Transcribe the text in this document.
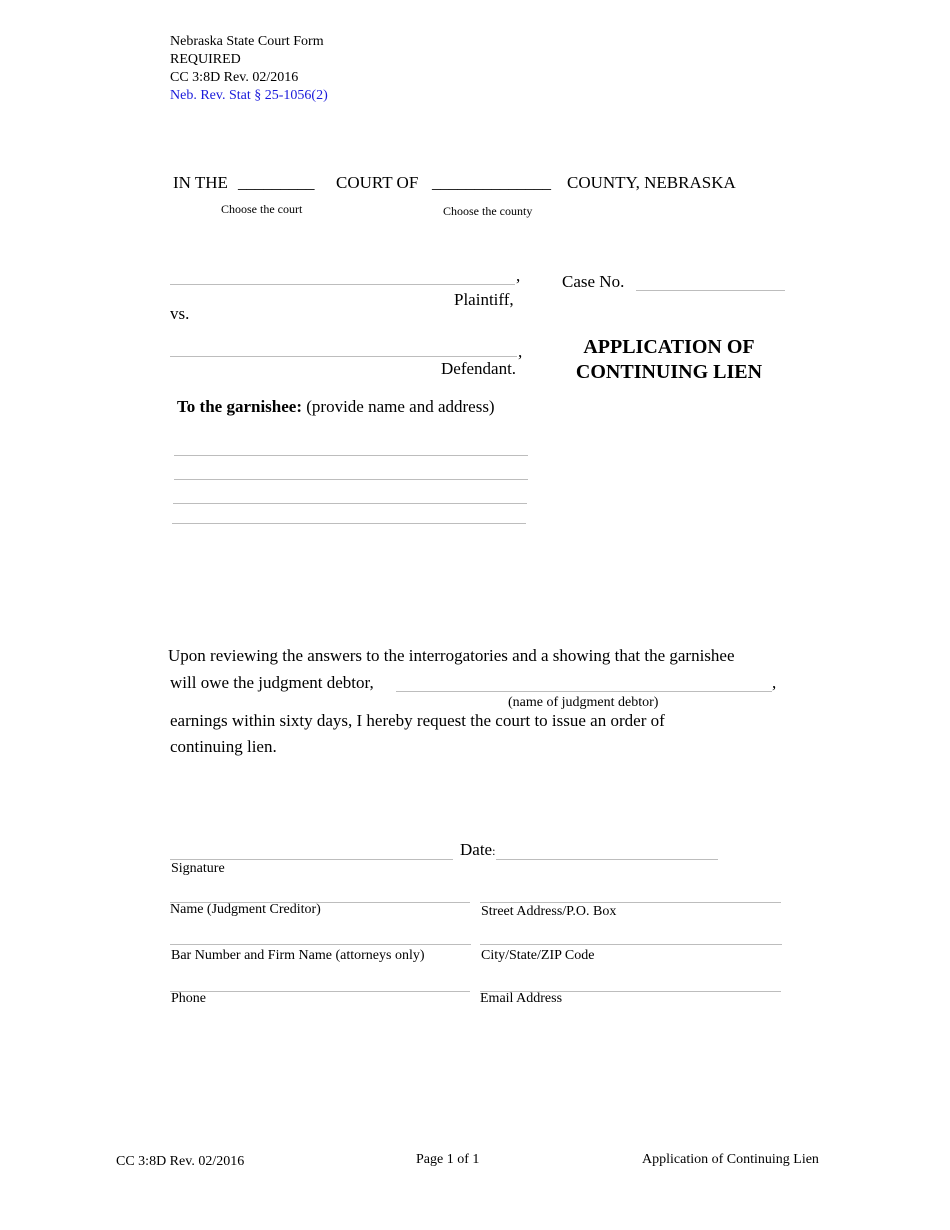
Nebraska State Court Form
REQUIRED
CC 3:8D Rev. 02/2016
Neb. Rev. Stat § 25-1056(2)
IN THE _________ COURT OF ______________ COUNTY, NEBRASKA
Choose the court	Choose the county
,
Plaintiff,
vs.
,
Defendant.
Case No.
APPLICATION OF
CONTINUING LIEN
To the garnishee: (provide name and address)
Upon reviewing the answers to the interrogatories and a showing that the garnishee
will owe the judgment debtor,	,
(name of judgment debtor)
earnings within sixty days, I hereby request the court to issue an order of
continuing lien.
Date:
Signature
Name (Judgment Creditor)	Street Address/P.O. Box
Bar Number and Firm Name (attorneys only)	City/State/ZIP Code
Phone	Email Address
CC 3:8D Rev. 02/2016	Page 1 of 1	Application of Continuing Lien
